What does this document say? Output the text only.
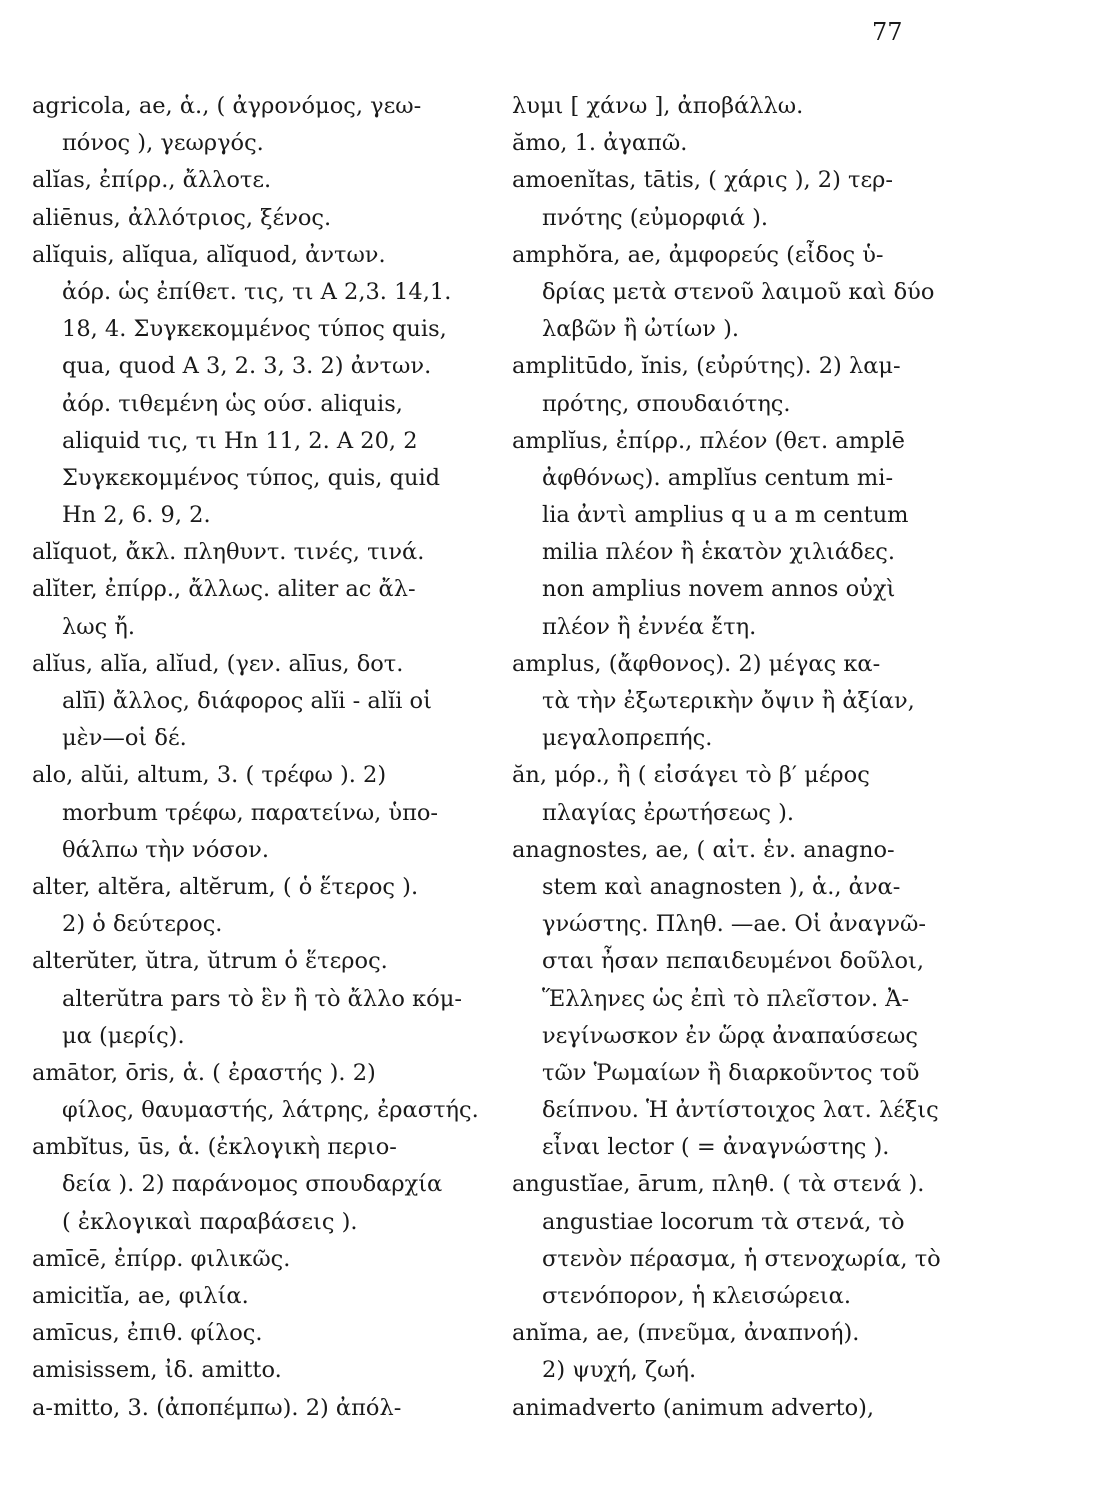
77
agricola, ae, ἁ., ( ἀγρονόμος, γεω-
πόνος ), γεωργός.
alĭas, ἐπίρρ., ἄλλοτε.
aliēnus, ἀλλότριος, ξένος.
alĭquis, alĭqua, alĭquod, ἀντων.
ἀόρ. ὡς ἐπίθετ. τις, τι A 2,3. 14,1.
18, 4. Συγκεκομμένος τύπος quis,
qua, quod A 3, 2. 3, 3. 2) ἀντων.
ἀόρ. τιθεμένη ὡς ούσ. aliquis,
aliquid τις, τι Hn 11, 2. A 20, 2
Συγκεκομμένος τύπος, quis, quid
Hn 2, 6. 9, 2.
alĭquot, ἄκλ. πληθυντ. τινές, τινά.
alĭter, ἐπίρρ., ἄλλως. aliter ac ἄλ-
λως ἤ.
alĭus, alĭa, alĭud, (γεν. alīus, δοτ.
alĭī) ἄλλος, διάφορος alĭi - alĭi οἱ
μὲν—οἱ δέ.
alo, alŭi, altum, 3. ( τρέφω ). 2)
morbum τρέφω, παρατείνω, ὑπο-
θάλπω τὴν νόσον.
alter, altĕra, altĕrum, ( ὁ ἕτερος ).
2) ὁ δεύτερος.
alterŭter, ŭtra, ŭtrum ὁ ἕτερος.
alterŭtra pars τὸ ἓν ἢ τὸ ἄλλο κόμ-
μα (μερίς).
amātor, ōris, ἁ. ( ἐραστής ). 2)
φίλος, θαυμαστής, λάτρης, ἐραστής.
ambĭtus, ūs, ἁ. (ἐκλογικὴ περιο-
δεία ). 2) παράνομος σπουδαρχία
( ἐκλογικαὶ παραβάσεις ).
amīcē, ἐπίρρ. φιλικῶς.
amicitĭa, ae, φιλία.
amīcus, ἐπιθ. φίλος.
amisissem, ἰδ. amitto.
a-mitto, 3. (ἀποπέμπω). 2) ἀπόλ-
λυμι [ χάνω ], ἀποβάλλω.
ămo, 1. ἀγαπῶ.
amoenĭtas, tātis, ( χάρις ), 2) τερ-
πνότης (εὐμορφιά ).
amphŏra, ae, ἀμφορεύς (εἶδος ὑ-
δρίας μετὰ στενοῦ λαιμοῦ καὶ δύο
λαβῶν ἢ ὠτίων ).
amplitūdo, ĭnis, (εὐρύτης). 2) λαμ-
πρότης, σπουδαιότης.
amplĭus, ἐπίρρ., πλέον (θετ. amplē
ἀφθόνως). amplĭus centum mi-
lia ἀντὶ amplius q u a m centum
milia πλέον ἢ ἑκατὸν χιλιάδες.
non amplius novem annos οὐχὶ
πλέον ἢ ἐννέα ἔτη.
amplus, (ἄφθονος). 2) μέγας κα-
τὰ τὴν ἐξωτερικὴν ὄψιν ἢ ἀξίαν,
μεγαλοπρεπής.
ăn, μόρ., ἢ ( εἰσάγει τὸ β′ μέρος
πλαγίας ἐρωτήσεως ).
anagnostes, ae, ( αἰτ. ἑν. anagno-
stem καὶ anagnosten ), ἁ., ἀνα-
γνώστης. Πληθ. —ae. Οἱ ἀναγνῶ-
σται ἦσαν πεπαιδευμένοι δοῦλοι,
Ἕλληνες ὡς ἐπὶ τὸ πλεῖστον. Ἀ-
νεγίνωσκον ἐν ὥρᾳ ἀναπαύσεως
τῶν Ῥωμαίων ἢ διαρκοῦντος τοῦ
δείπνου. Ἡ ἀντίστοιχος λατ. λέξις
εἶναι lector ( = ἀναγνώστης ).
angustĭae, ārum, πληθ. ( τὰ στενά ).
angustiae locorum τὰ στενά, τὸ
στενὸν πέρασμα, ἡ στενοχωρία, τὸ
στενόπορον, ἡ κλεισώρεια.
anĭma, ae, (πνεῦμα, ἀναπνοή).
2) ψυχή, ζωή.
animadverto (animum adverto),
